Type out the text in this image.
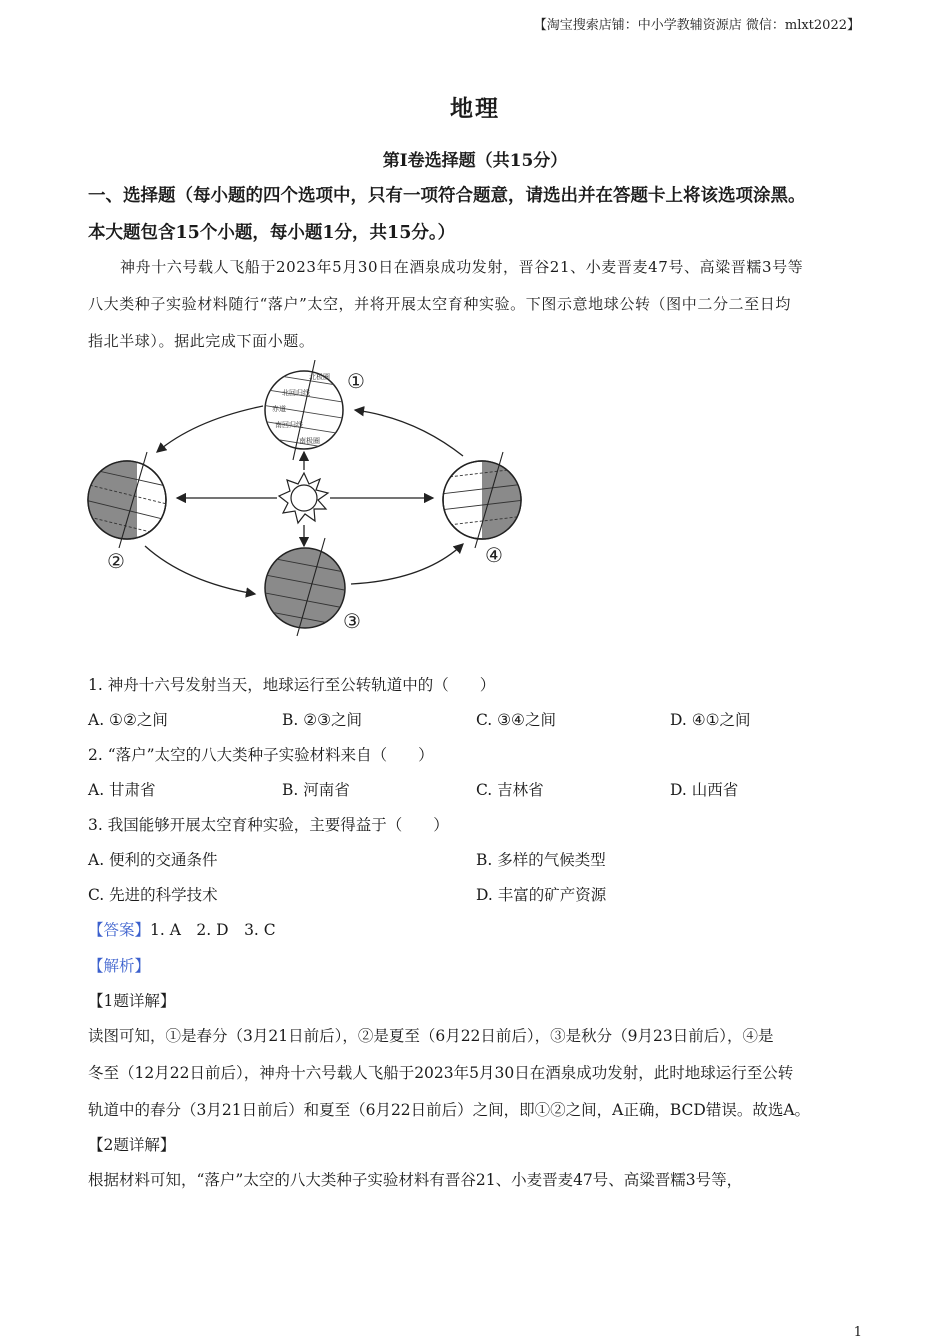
【淘宝搜索店铺：中小学教辅资源店 微信：mlxt2022】
地理
第Ⅰ卷选择题（共15分）
一、选择题（每小题的四个选项中，只有一项符合题意，请选出并在答题卡上将该选项涂黑。
本大题包含15个小题，每小题1分，共15分。）
神舟十六号载人飞船于2023年5月30日在酒泉成功发射，晋谷21、小麦晋麦47号、高粱晋糯3号等
八大类种子实验材料随行“落户”太空，并将开展太空育种实验。下图示意地球公转（图中二分二至日均
指北半球）。据此完成下面小题。
北极圈
北回归线
赤道
南回归线
南极圈
①
②
③
④
1. 神舟十六号发射当天，地球运行至公转轨道中的（　　）
A. ①②之间	B. ②③之间	C. ③④之间	D. ④①之间
2. “落户”太空的八大类种子实验材料来自（　　）
A. 甘肃省	B. 河南省	C. 吉林省	D. 山西省
3. 我国能够开展太空育种实验，主要得益于（　　）
A. 便利的交通条件	B. 多样的气候类型
C. 先进的科学技术	D. 丰富的矿产资源
【答案】1. A　2. D　3. C
【解析】
【1题详解】
读图可知，①是春分（3月21日前后），②是夏至（6月22日前后），③是秋分（9月23日前后），④是
冬至（12月22日前后），神舟十六号载人飞船于2023年5月30日在酒泉成功发射，此时地球运行至公转
轨道中的春分（3月21日前后）和夏至（6月22日前后）之间，即①②之间，A正确，BCD错误。故选A。
【2题详解】
根据材料可知，“落户”太空的八大类种子实验材料有晋谷21、小麦晋麦47号、高粱晋糯3号等，
1
